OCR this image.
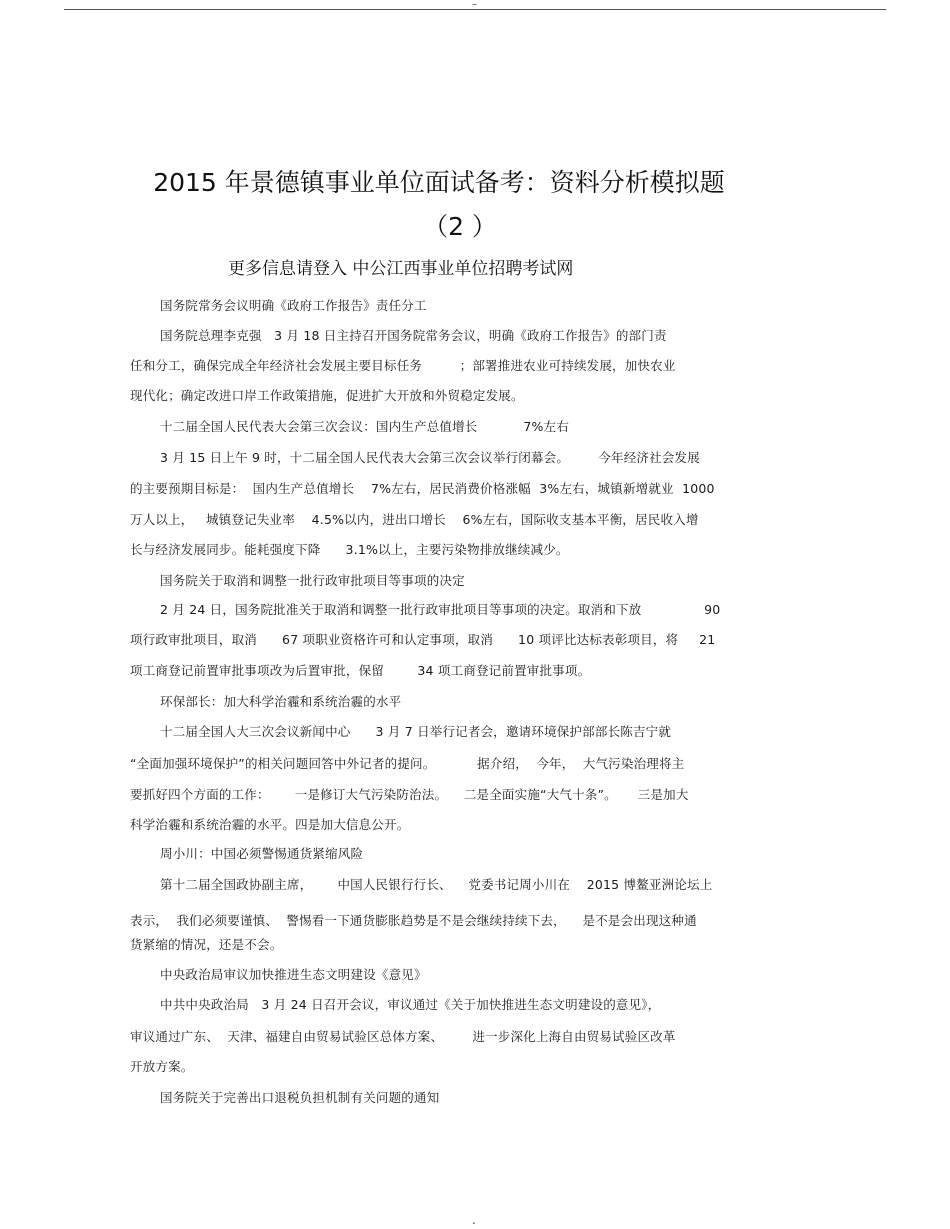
–
2015 年景德镇事业单位面试备考：资料分析模拟题
（2 ）

更多信息请登入 中公江西事业单位招聘考试网

国务院常务会议明确《政府工作报告》责任分工
国务院总理李克强   3 月 18 日主持召开国务院常务会议，明确《政府工作报告》的部门责
任和分工，确保完成全年经济社会发展主要目标任务         ；部署推进农业可持续发展，加快农业
现代化；确定改进口岸工作政策措施，促进扩大开放和外贸稳定发展。
十二届全国人民代表大会第三次会议：国内生产总值增长           7%左右
3 月 15 日上午 9 时，十二届全国人民代表大会第三次会议举行闭幕会。       今年经济社会发展
的主要预期目标是：  国内生产总值增长    7%左右，居民消费价格涨幅  3%左右，城镇新增就业  1000
万人以上，   城镇登记失业率    4.5%以内，进出口增长    6%左右，国际收支基本平衡，居民收入增
长与经济发展同步。能耗强度下降      3.1%以上，主要污染物排放继续减少。
国务院关于取消和调整一批行政审批项目等事项的决定
2 月 24 日，国务院批准关于取消和调整一批行政审批项目等事项的决定。取消和下放               90
项行政审批项目，取消      67 项职业资格许可和认定事项，取消      10 项评比达标表彰项目，将     21
项工商登记前置审批事项改为后置审批，保留        34 项工商登记前置审批事项。
环保部长：加大科学治霾和系统治霾的水平
十二届全国人大三次会议新闻中心      3 月 7 日举行记者会，邀请环境保护部部长陈吉宁就
“全面加强环境保护”的相关问题回答中外记者的提问。          据介绍，  今年，  大气污染治理将主
要抓好四个方面的工作：      一是修订大气污染防治法。    二是全面实施“大气十条”。     三是加大
科学治霾和系统治霾的水平。四是加大信息公开。
周小川：中国必须警惕通货紧缩风险
第十二届全国政协副主席，      中国人民银行行长、    党委书记周小川在    2015 博鳌亚洲论坛上
表示，  我们必须要谨慎、  警惕看一下通货膨胀趋势是不是会继续持续下去，    是不是会出现这种通
货紧缩的情况，还是不会。
中央政治局审议加快推进生态文明建设《意见》
中共中央政治局   3 月 24 日召开会议，审议通过《关于加快推进生态文明建设的意见》，
审议通过广东、  天津、福建自由贸易试验区总体方案、       进一步深化上海自由贸易试验区改革
开放方案。
国务院关于完善出口退税负担机制有关问题的通知
.
